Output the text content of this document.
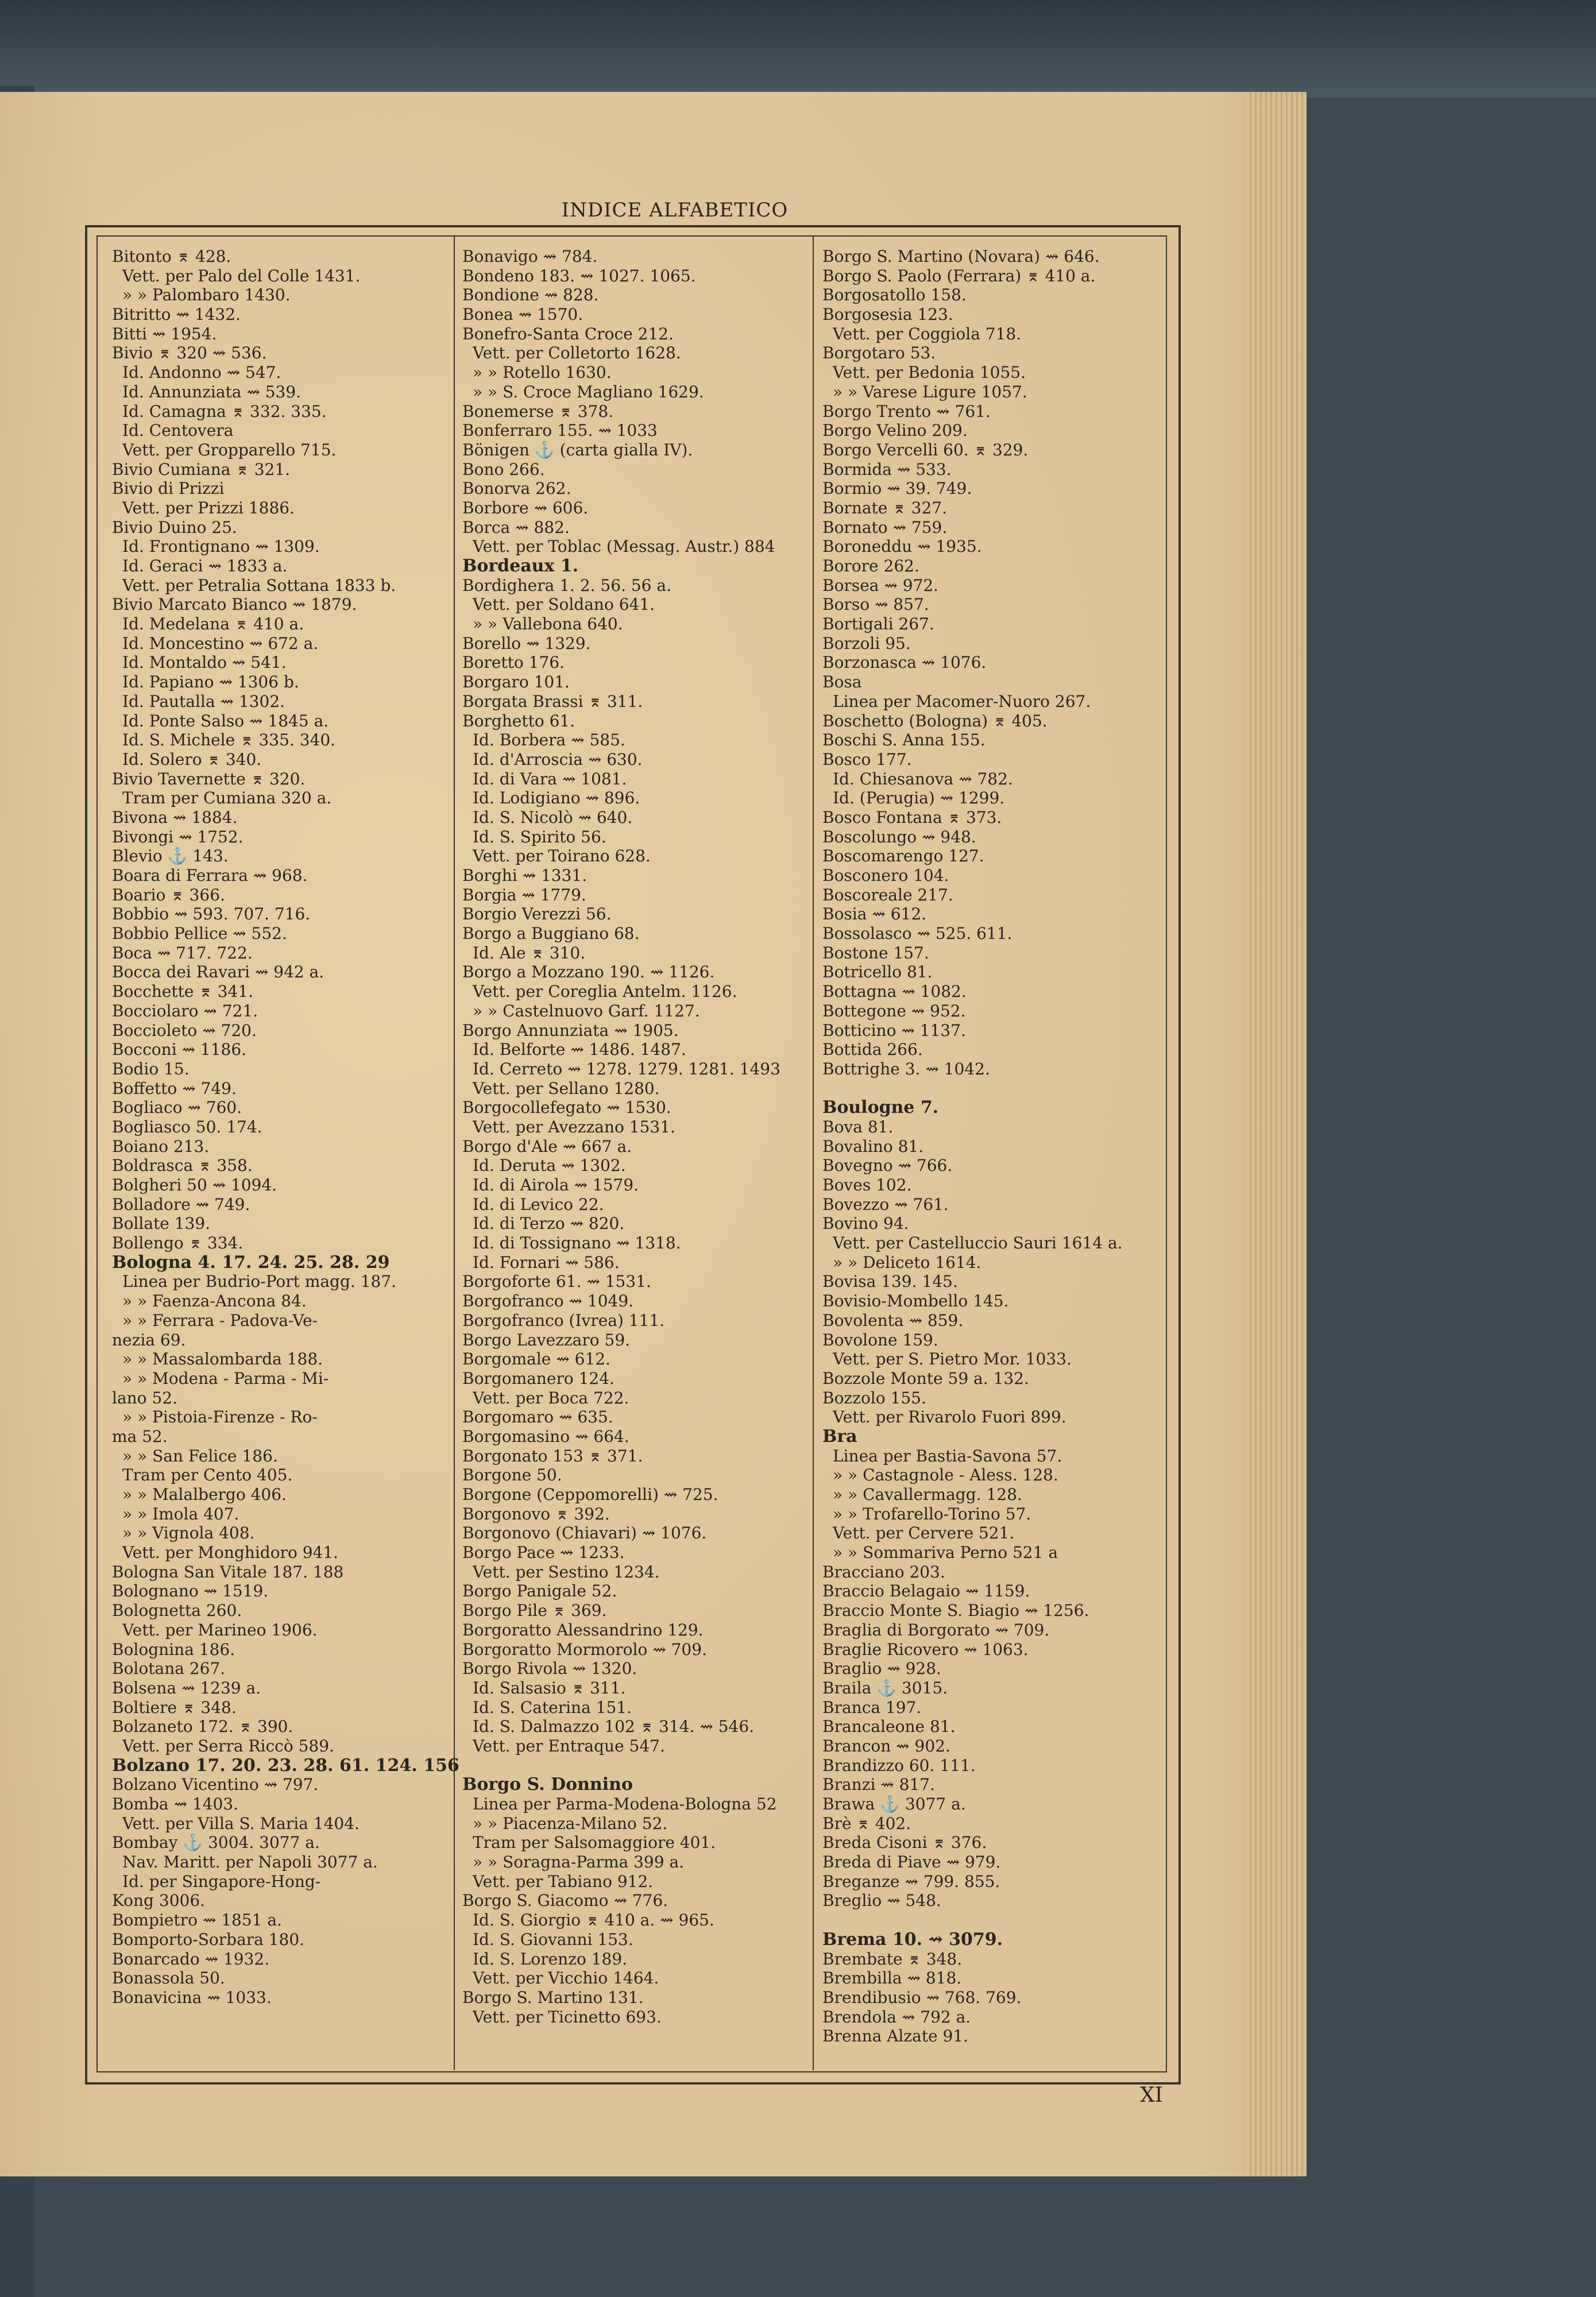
INDICE ALFABETICO
Bitonto ⌆ 428.
Vett. per Palo del Colle 1431.
» » Palombaro 1430.
Bitritto ⇝ 1432.
Bitti ⇝ 1954.
Bivio ⌆ 320 ⇝ 536.
Id. Andonno ⇝ 547.
Id. Annunziata ⇝ 539.
Id. Camagna ⌆ 332. 335.
Id. Centovera
Vett. per Gropparello 715.
Bivio Cumiana ⌆ 321.
Bivio di Prizzi
Vett. per Prizzi 1886.
Bivio Duino 25.
Id. Frontignano ⇝ 1309.
Id. Geraci ⇝ 1833 a.
Vett. per Petralia Sottana 1833 b.
Bivio Marcato Bianco ⇝ 1879.
Id. Medelana ⌆ 410 a.
Id. Moncestino ⇝ 672 a.
Id. Montaldo ⇝ 541.
Id. Papiano ⇝ 1306 b.
Id. Pautalla ⇝ 1302.
Id. Ponte Salso ⇝ 1845 a.
Id. S. Michele ⌆ 335. 340.
Id. Solero ⌆ 340.
Bivio Tavernette ⌆ 320.
Tram per Cumiana 320 a.
Bivona ⇝ 1884.
Bivongi ⇝ 1752.
Blevio ⚓ 143.
Boara di Ferrara ⇝ 968.
Boario ⌆ 366.
Bobbio ⇝ 593. 707. 716.
Bobbio Pellice ⇝ 552.
Boca ⇝ 717. 722.
Bocca dei Ravari ⇝ 942 a.
Bocchette ⌆ 341.
Bocciolaro ⇝ 721.
Boccioleto ⇝ 720.
Bocconi ⇝ 1186.
Bodio 15.
Boffetto ⇝ 749.
Bogliaco ⇝ 760.
Bogliasco 50. 174.
Boiano 213.
Boldrasca ⌆ 358.
Bolgheri 50 ⇝ 1094.
Bolladore ⇝ 749.
Bollate 139.
Bollengo ⌆ 334.
Bologna 4. 17. 24. 25. 28. 29
Linea per Budrio-Port magg. 187.
» » Faenza-Ancona 84.
» » Ferrara - Padova-Ve-
nezia 69.
» » Massalombarda 188.
» » Modena - Parma - Mi-
lano 52.
» » Pistoia-Firenze - Ro-
ma 52.
» » San Felice 186.
Tram per Cento 405.
» » Malalbergo 406.
» » Imola 407.
» » Vignola 408.
Vett. per Monghidoro 941.
Bologna San Vitale 187. 188
Bolognano ⇝ 1519.
Bolognetta 260.
Vett. per Marineo 1906.
Bolognina 186.
Bolotana 267.
Bolsena ⇝ 1239 a.
Boltiere ⌆ 348.
Bolzaneto 172. ⌆ 390.
Vett. per Serra Riccò 589.
Bolzano 17. 20. 23. 28. 61. 124. 156
Bolzano Vicentino ⇝ 797.
Bomba ⇝ 1403.
Vett. per Villa S. Maria 1404.
Bombay ⚓ 3004. 3077 a.
Nav. Maritt. per Napoli 3077 a.
Id. per Singapore-Hong-
Kong 3006.
Bompietro ⇝ 1851 a.
Bomporto-Sorbara 180.
Bonarcado ⇝ 1932.
Bonassola 50.
Bonavicina ⇝ 1033.
Bonavigo ⇝ 784.
Bondeno 183. ⇝ 1027. 1065.
Bondione ⇝ 828.
Bonea ⇝ 1570.
Bonefro-Santa Croce 212.
Vett. per Colletorto 1628.
» » Rotello 1630.
» » S. Croce Magliano 1629.
Bonemerse ⌆ 378.
Bonferraro 155. ⇝ 1033
Bönigen ⚓ (carta gialla IV).
Bono 266.
Bonorva 262.
Borbore ⇝ 606.
Borca ⇝ 882.
Vett. per Toblac (Messag. Austr.) 884
Bordeaux 1.
Bordighera 1. 2. 56. 56 a.
Vett. per Soldano 641.
» » Vallebona 640.
Borello ⇝ 1329.
Boretto 176.
Borgaro 101.
Borgata Brassi ⌆ 311.
Borghetto 61.
Id. Borbera ⇝ 585.
Id. d'Arroscia ⇝ 630.
Id. di Vara ⇝ 1081.
Id. Lodigiano ⇝ 896.
Id. S. Nicolò ⇝ 640.
Id. S. Spirito 56.
Vett. per Toirano 628.
Borghi ⇝ 1331.
Borgia ⇝ 1779.
Borgio Verezzi 56.
Borgo a Buggiano 68.
Id. Ale ⌆ 310.
Borgo a Mozzano 190. ⇝ 1126.
Vett. per Coreglia Antelm. 1126.
» » Castelnuovo Garf. 1127.
Borgo Annunziata ⇝ 1905.
Id. Belforte ⇝ 1486. 1487.
Id. Cerreto ⇝ 1278. 1279. 1281. 1493
Vett. per Sellano 1280.
Borgocollefegato ⇝ 1530.
Vett. per Avezzano 1531.
Borgo d'Ale ⇝ 667 a.
Id. Deruta ⇝ 1302.
Id. di Airola ⇝ 1579.
Id. di Levico 22.
Id. di Terzo ⇝ 820.
Id. di Tossignano ⇝ 1318.
Id. Fornari ⇝ 586.
Borgoforte 61. ⇝ 1531.
Borgofranco ⇝ 1049.
Borgofranco (Ivrea) 111.
Borgo Lavezzaro 59.
Borgomale ⇝ 612.
Borgomanero 124.
Vett. per Boca 722.
Borgomaro ⇝ 635.
Borgomasino ⇝ 664.
Borgonato 153 ⌆ 371.
Borgone 50.
Borgone (Ceppomorelli) ⇝ 725.
Borgonovo ⌆ 392.
Borgonovo (Chiavari) ⇝ 1076.
Borgo Pace ⇝ 1233.
Vett. per Sestino 1234.
Borgo Panigale 52.
Borgo Pile ⌆ 369.
Borgoratto Alessandrino 129.
Borgoratto Mormorolo ⇝ 709.
Borgo Rivola ⇝ 1320.
Id. Salsasio ⌆ 311.
Id. S. Caterina 151.
Id. S. Dalmazzo 102 ⌆ 314. ⇝ 546.
Vett. per Entraque 547.
Borgo S. Donnino
Linea per Parma-Modena-Bologna 52
» » Piacenza-Milano 52.
Tram per Salsomaggiore 401.
» » Soragna-Parma 399 a.
Vett. per Tabiano 912.
Borgo S. Giacomo ⇝ 776.
Id. S. Giorgio ⌆ 410 a. ⇝ 965.
Id. S. Giovanni 153.
Id. S. Lorenzo 189.
Vett. per Vicchio 1464.
Borgo S. Martino 131.
Vett. per Ticinetto 693.
Borgo S. Martino (Novara) ⇝ 646.
Borgo S. Paolo (Ferrara) ⌆ 410 a.
Borgosatollo 158.
Borgosesia 123.
Vett. per Coggiola 718.
Borgotaro 53.
Vett. per Bedonia 1055.
» » Varese Ligure 1057.
Borgo Trento ⇝ 761.
Borgo Velino 209.
Borgo Vercelli 60. ⌆ 329.
Bormida ⇝ 533.
Bormio ⇝ 39. 749.
Bornate ⌆ 327.
Bornato ⇝ 759.
Boroneddu ⇝ 1935.
Borore 262.
Borsea ⇝ 972.
Borso ⇝ 857.
Bortigali 267.
Borzoli 95.
Borzonasca ⇝ 1076.
Bosa
Linea per Macomer-Nuoro 267.
Boschetto (Bologna) ⌆ 405.
Boschi S. Anna 155.
Bosco 177.
Id. Chiesanova ⇝ 782.
Id. (Perugia) ⇝ 1299.
Bosco Fontana ⌆ 373.
Boscolungo ⇝ 948.
Boscomarengo 127.
Bosconero 104.
Boscoreale 217.
Bosia ⇝ 612.
Bossolasco ⇝ 525. 611.
Bostone 157.
Botricello 81.
Bottagna ⇝ 1082.
Bottegone ⇝ 952.
Botticino ⇝ 1137.
Bottida 266.
Bottrighe 3. ⇝ 1042.
Boulogne 7.
Bova 81.
Bovalino 81.
Bovegno ⇝ 766.
Boves 102.
Bovezzo ⇝ 761.
Bovino 94.
Vett. per Castelluccio Sauri 1614 a.
» » Deliceto 1614.
Bovisa 139. 145.
Bovisio-Mombello 145.
Bovolenta ⇝ 859.
Bovolone 159.
Vett. per S. Pietro Mor. 1033.
Bozzole Monte 59 a. 132.
Bozzolo 155.
Vett. per Rivarolo Fuori 899.
Bra
Linea per Bastia-Savona 57.
» » Castagnole - Aless. 128.
» » Cavallermagg. 128.
» » Trofarello-Torino 57.
Vett. per Cervere 521.
» » Sommariva Perno 521 a
Bracciano 203.
Braccio Belagaio ⇝ 1159.
Braccio Monte S. Biagio ⇝ 1256.
Braglia di Borgorato ⇝ 709.
Braglie Ricovero ⇝ 1063.
Braglio ⇝ 928.
Braila ⚓ 3015.
Branca 197.
Brancaleone 81.
Brancon ⇝ 902.
Brandizzo 60. 111.
Branzi ⇝ 817.
Brawa ⚓ 3077 a.
Brè ⌆ 402.
Breda Cisoni ⌆ 376.
Breda di Piave ⇝ 979.
Breganze ⇝ 799. 855.
Breglio ⇝ 548.
Brema 10. ⇝ 3079.
Brembate ⌆ 348.
Brembilla ⇝ 818.
Brendibusio ⇝ 768. 769.
Brendola ⇝ 792 a.
Brenna Alzate 91.
XI
